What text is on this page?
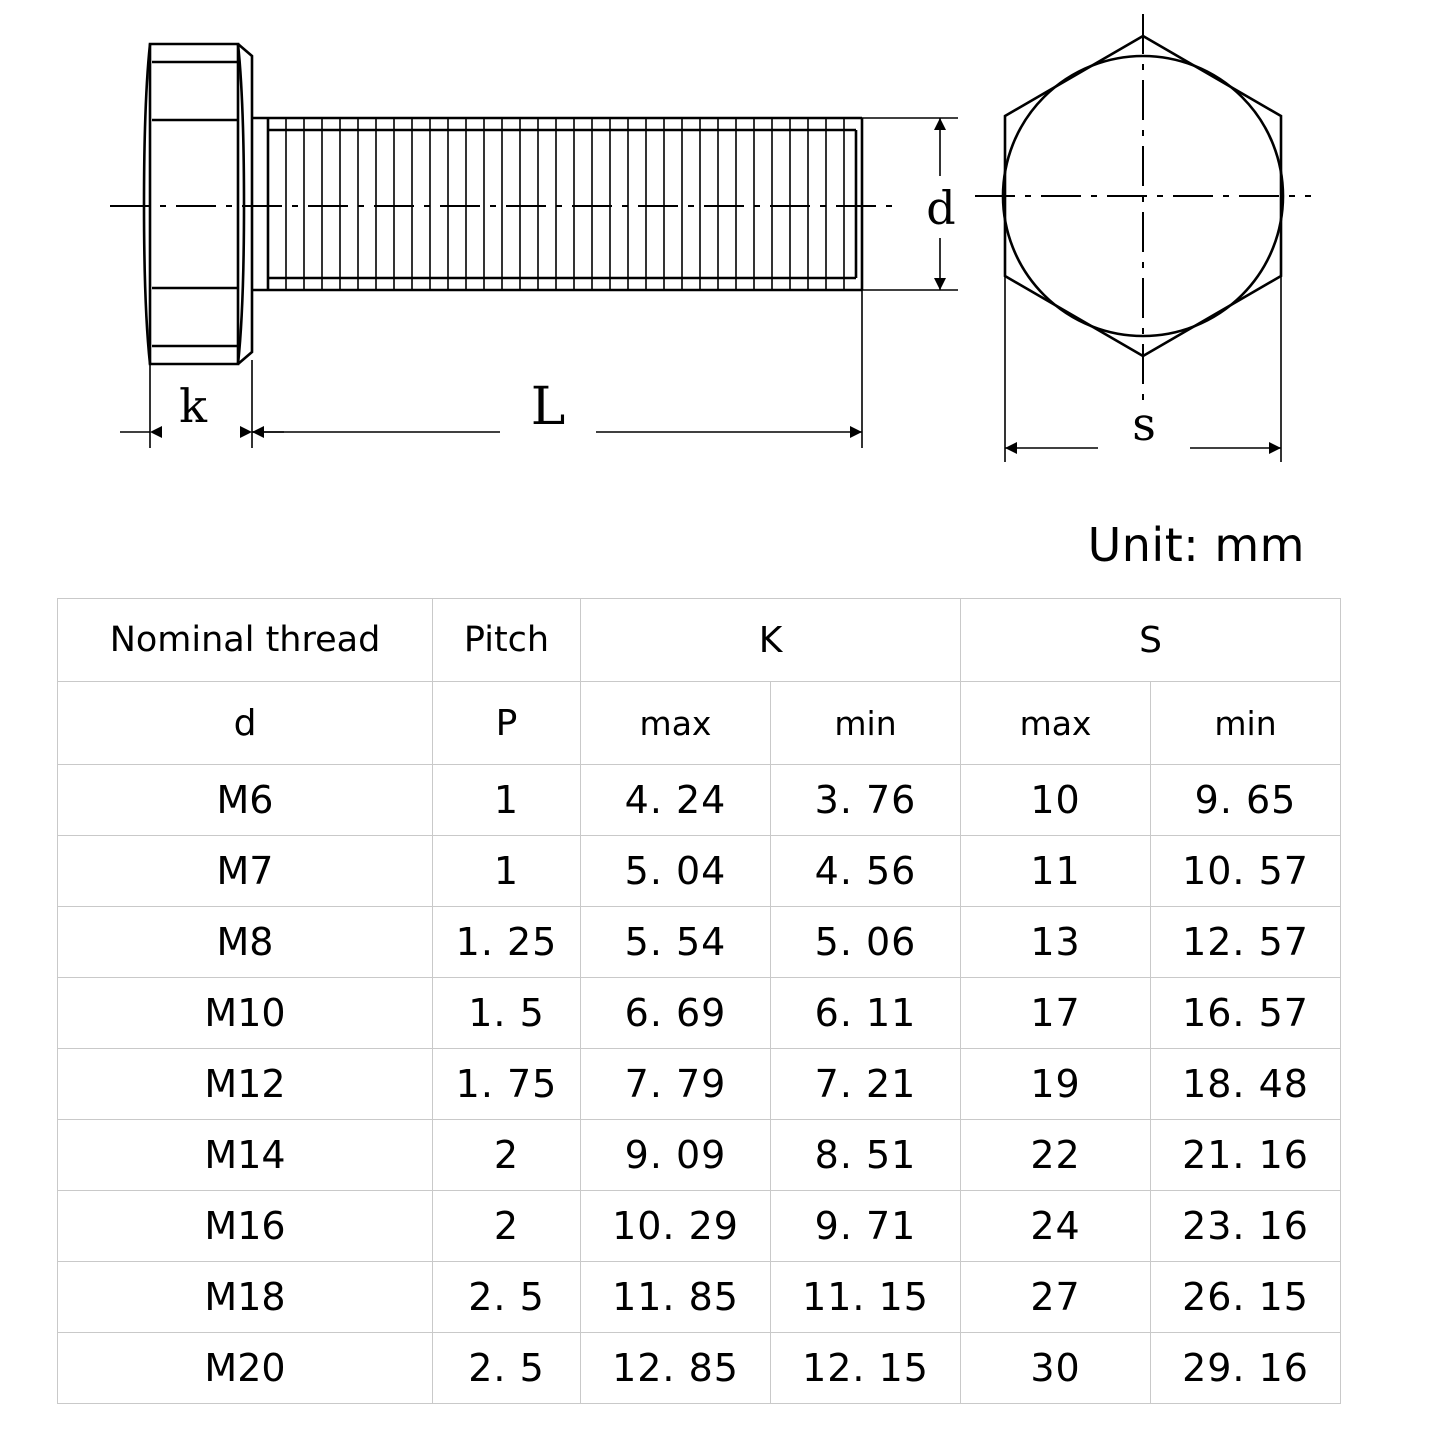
d
k	L	s
Unit: mm
Nominal thread	Pitch	K		S	
d	P	max	min	max	min
M6	1	4. 24	3. 76	10	9. 65
M7	1	5. 04	4. 56	11	10. 57
M8	1. 25	5. 54	5. 06	13	12. 57
M10	1. 5	6. 69	6. 11	17	16. 57
M12	1. 75	7. 79	7. 21	19	18. 48
M14	2	9. 09	8. 51	22	21. 16
M16	2	10. 29	9. 71	24	23. 16
M18	2. 5	11. 85	11. 15	27	26. 15
M20	2. 5	12. 85	12. 15	30	29. 16
